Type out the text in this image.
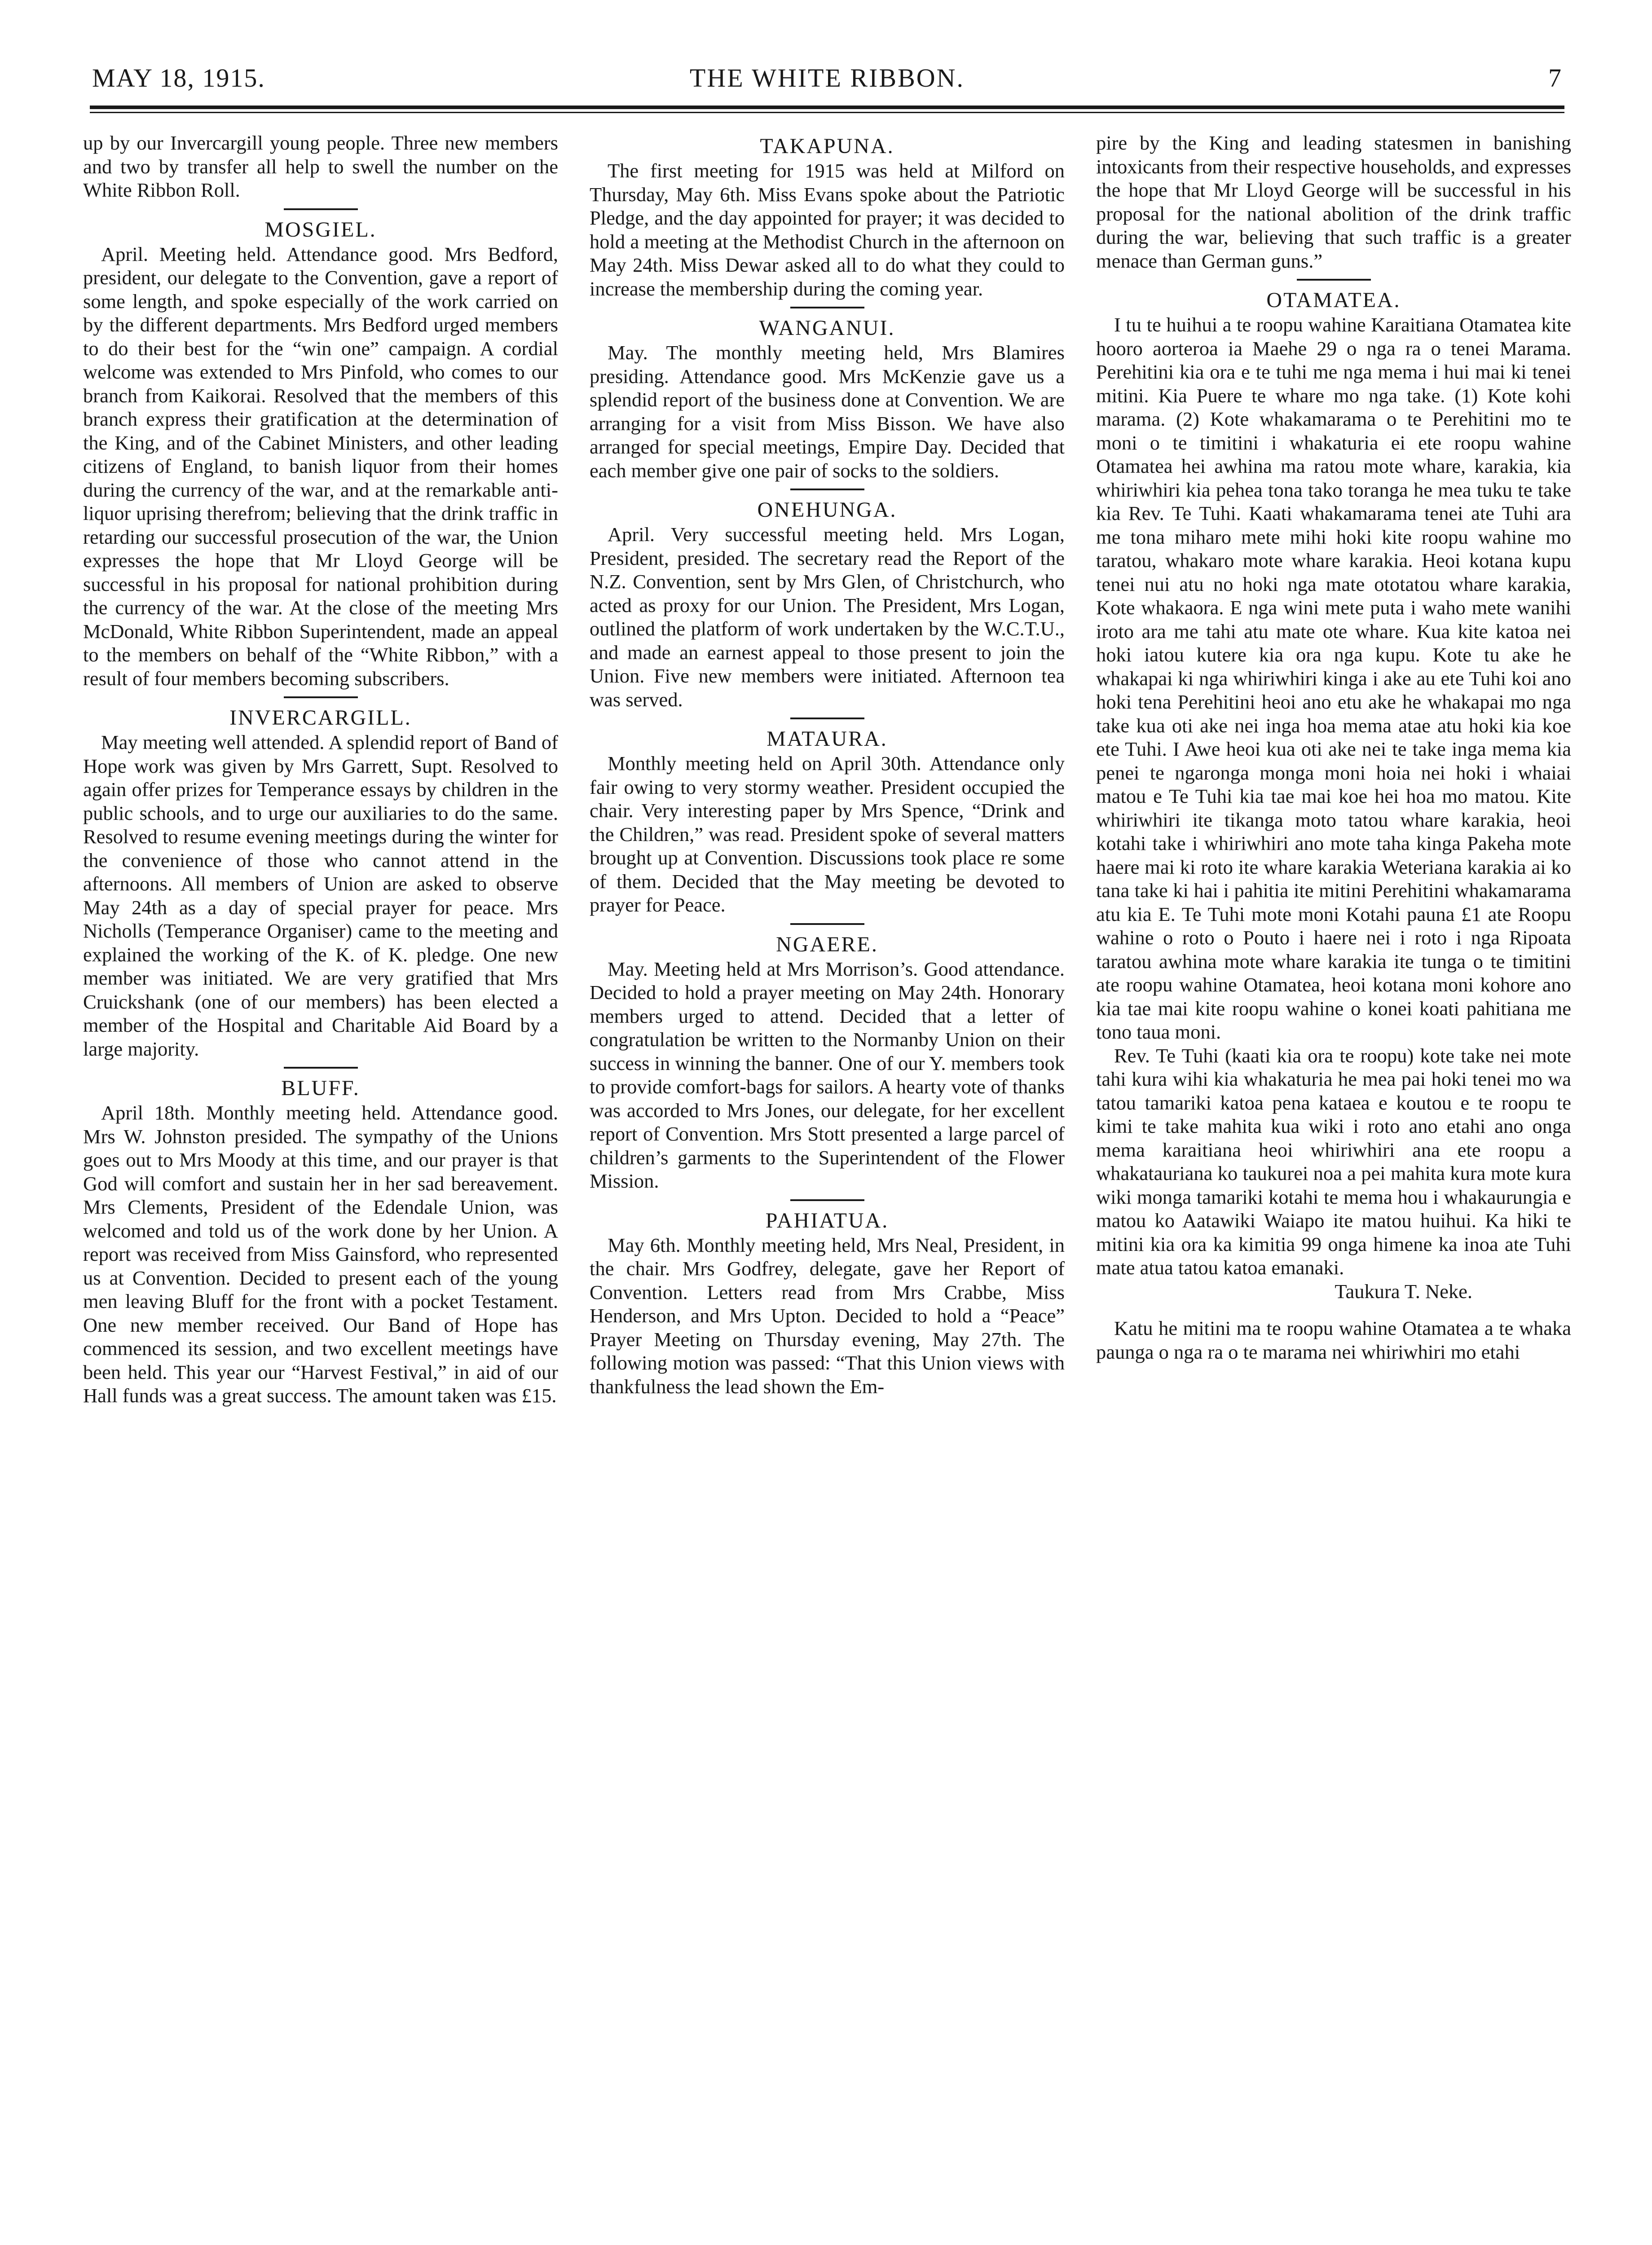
MAY 18, 1915.	THE WHITE RIBBON.	7

up by our Invercargill young people. Three new members and two by transfer all help to swell the number on the White Ribbon Roll.

MOSGIEL.

April. Meeting held. Attendance good. Mrs Bedford, president, our delegate to the Convention, gave a report of some length, and spoke especially of the work carried on by the different departments. Mrs Bedford urged members to do their best for the “win one” campaign. A cordial welcome was extended to Mrs Pinfold, who comes to our branch from Kaikorai. Resolved that the members of this branch express their gratification at the determination of the King, and of the Cabinet Ministers, and other leading citizens of England, to banish liquor from their homes during the currency of the war, and at the remarkable anti-liquor uprising therefrom; believing that the drink traffic in retarding our successful prosecution of the war, the Union expresses the hope that Mr Lloyd George will be successful in his proposal for national prohibition during the currency of the war. At the close of the meeting Mrs McDonald, White Ribbon Superintendent, made an appeal to the members on behalf of the “White Ribbon,” with a result of four members becoming subscribers.

INVERCARGILL.

May meeting well attended. A splendid report of Band of Hope work was given by Mrs Garrett, Supt. Resolved to again offer prizes for Temperance essays by children in the public schools, and to urge our auxiliaries to do the same. Resolved to resume evening meetings during the winter for the convenience of those who cannot attend in the afternoons. All members of Union are asked to observe May 24th as a day of special prayer for peace. Mrs Nicholls (Temperance Organiser) came to the meeting and explained the working of the K. of K. pledge. One new member was initiated. We are very gratified that Mrs Cruickshank (one of our members) has been elected a member of the Hospital and Charitable Aid Board by a large majority.

BLUFF.

April 18th. Monthly meeting held. Attendance good. Mrs W. Johnston presided. The sympathy of the Unions goes out to Mrs Moody at this time, and our prayer is that God will comfort and sustain her in her sad bereavement. Mrs Clements, President of the Edendale Union, was welcomed and told us of the work done by her Union. A report was received from Miss Gainsford, who represented us at Convention. Decided to present each of the young men leaving Bluff for the front with a pocket Testament. One new member received. Our Band of Hope has commenced its session, and two excellent meetings have been held. This year our “Harvest Festival,” in aid of our Hall funds was a great success. The amount taken was £15.

TAKAPUNA.

The first meeting for 1915 was held at Milford on Thursday, May 6th. Miss Evans spoke about the Patriotic Pledge, and the day appointed for prayer; it was decided to hold a meeting at the Methodist Church in the afternoon on May 24th. Miss Dewar asked all to do what they could to increase the membership during the coming year.

WANGANUI.

May. The monthly meeting held, Mrs Blamires presiding. Attendance good. Mrs McKenzie gave us a splendid report of the business done at Convention. We are arranging for a visit from Miss Bisson. We have also arranged for special meetings, Empire Day. Decided that each member give one pair of socks to the soldiers.

ONEHUNGA.

April. Very successful meeting held. Mrs Logan, President, presided. The secretary read the Report of the N.Z. Convention, sent by Mrs Glen, of Christchurch, who acted as proxy for our Union. The President, Mrs Logan, outlined the platform of work undertaken by the W.C.T.U., and made an earnest appeal to those present to join the Union. Five new members were initiated. Afternoon tea was served.

MATAURA.

Monthly meeting held on April 30th. Attendance only fair owing to very stormy weather. President occupied the chair. Very interesting paper by Mrs Spence, “Drink and the Children,” was read. President spoke of several matters brought up at Convention. Discussions took place re some of them. Decided that the May meeting be devoted to prayer for Peace.

NGAERE.

May. Meeting held at Mrs Morrison’s. Good attendance. Decided to hold a prayer meeting on May 24th. Honorary members urged to attend. Decided that a letter of congratulation be written to the Normanby Union on their success in winning the banner. One of our Y. members took to provide comfort-bags for sailors. A hearty vote of thanks was accorded to Mrs Jones, our delegate, for her excellent report of Convention. Mrs Stott presented a large parcel of children’s garments to the Superintendent of the Flower Mission.

PAHIATUA.

May 6th. Monthly meeting held, Mrs Neal, President, in the chair. Mrs Godfrey, delegate, gave her Report of Convention. Letters read from Mrs Crabbe, Miss Henderson, and Mrs Upton. Decided to hold a “Peace” Prayer Meeting on Thursday evening, May 27th. The following motion was passed: “That this Union views with thankfulness the lead shown the Em-

pire by the King and leading statesmen in banishing intoxicants from their respective households, and expresses the hope that Mr Lloyd George will be successful in his proposal for the national abolition of the drink traffic during the war, believing that such traffic is a greater menace than German guns.”

OTAMATEA.

I tu te huihui a te roopu wahine Karaitiana Otamatea kite hooro aorteroa ia Maehe 29 o nga ra o tenei Marama. Perehitini kia ora e te tuhi me nga mema i hui mai ki tenei mitini. Kia Puere te whare mo nga take. (1) Kote kohi marama. (2) Kote whakamarama o te Perehitini mo te moni o te timitini i whakaturia ei ete roopu wahine Otamatea hei awhina ma ratou mote whare, karakia, kia whiriwhiri kia pehea tona tako toranga he mea tuku te take kia Rev. Te Tuhi. Kaati whakamarama tenei ate Tuhi ara me tona miharo mete mihi hoki kite roopu wahine mo taratou, whakaro mote whare karakia. Heoi kotana kupu tenei nui atu no hoki nga mate ototatou whare karakia, Kote whakaora. E nga wini mete puta i waho mete wanihi iroto ara me tahi atu mate ote whare. Kua kite katoa nei hoki iatou kutere kia ora nga kupu. Kote tu ake he whakapai ki nga whiriwhiri kinga i ake au ete Tuhi koi ano hoki tena Perehitini heoi ano etu ake he whakapai mo nga take kua oti ake nei inga hoa mema atae atu hoki kia koe ete Tuhi. I Awe heoi kua oti ake nei te take inga mema kia penei te ngaronga monga moni hoia nei hoki i whaiai matou e Te Tuhi kia tae mai koe hei hoa mo matou. Kite whiriwhiri ite tikanga moto tatou whare karakia, heoi kotahi take i whiriwhiri ano mote taha kinga Pakeha mote haere mai ki roto ite whare karakia Weteriana karakia ai ko tana take ki hai i pahitia ite mitini Perehitini whakamarama atu kia E. Te Tuhi mote moni Kotahi pauna £1 ate Roopu wahine o roto o Pouto i haere nei i roto i nga Ripoata taratou awhina mote whare karakia ite tunga o te timitini ate roopu wahine Otamatea, heoi kotana moni kohore ano kia tae mai kite roopu wahine o konei koati pahitiana me tono taua moni.

Rev. Te Tuhi (kaati kia ora te roopu) kote take nei mote tahi kura wihi kia whakaturia he mea pai hoki tenei mo wa tatou tamariki katoa pena kataea e koutou e te roopu te kimi te take mahita kua wiki i roto ano etahi ano onga mema karaitiana heoi whiriwhiri ana ete roopu a whakatauriana ko taukurei noa a pei mahita kura mote kura wiki monga tamariki kotahi te mema hou i whakaurungia e matou ko Aatawiki Waiapo ite matou huihui. Ka hiki te mitini kia ora ka kimitia 99 onga himene ka inoa ate Tuhi mate atua tatou katoa emanaki.

Taukura T. Neke.

Katu he mitini ma te roopu wahine Otamatea a te whaka paunga o nga ra o te marama nei whiriwhiri mo etahi
